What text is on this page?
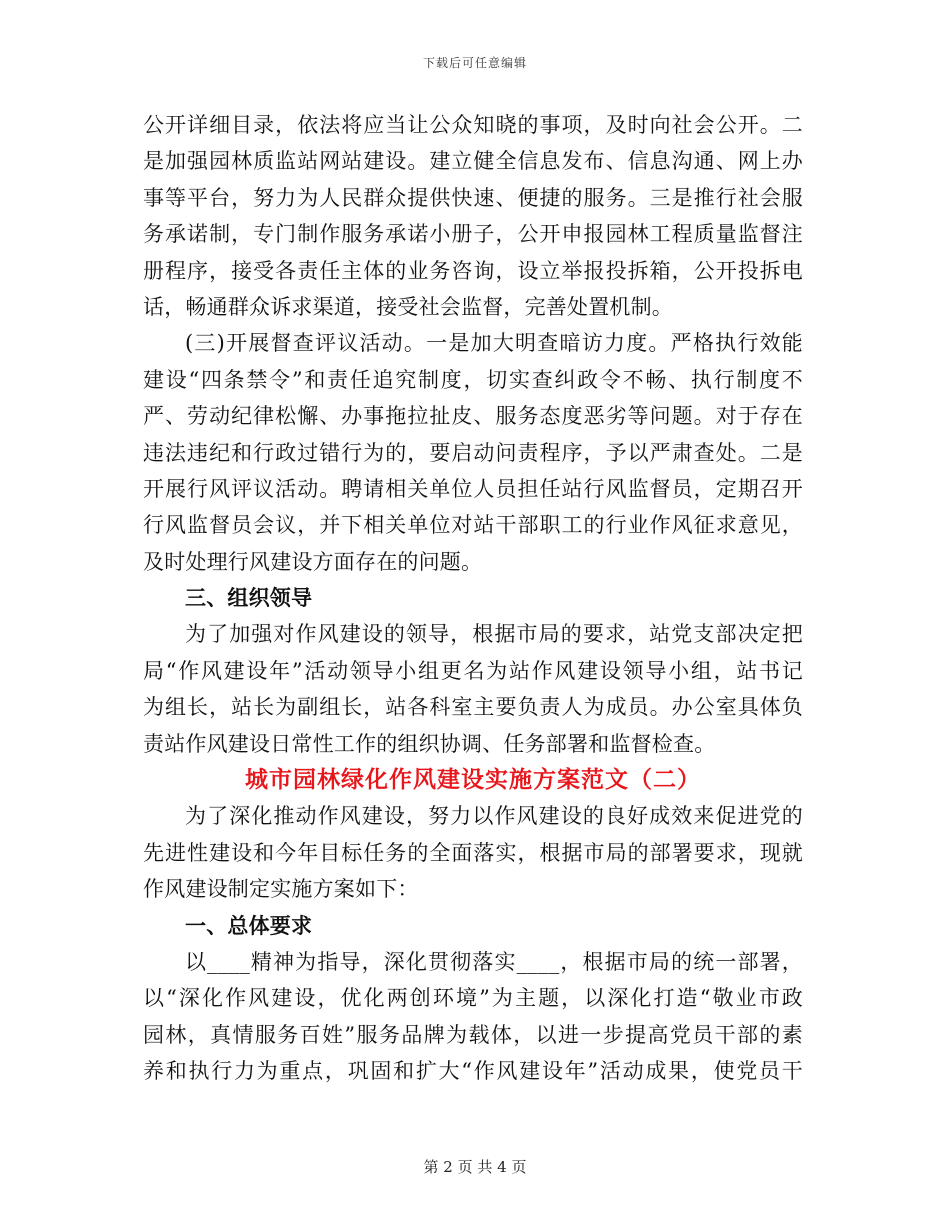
下载后可任意编辑
公开详细目录，依法将应当让公众知晓的事项，及时向社会公开。二
是加强园林质监站网站建设。建立健全信息发布、信息沟通、网上办
事等平台，努力为人民群众提供快速、便捷的服务。三是推行社会服
务承诺制，专门制作服务承诺小册子，公开申报园林工程质量监督注
册程序，接受各责任主体的业务咨询，设立举报投拆箱，公开投拆电
话，畅通群众诉求渠道，接受社会监督，完善处置机制。
(三)开展督查评议活动。一是加大明查暗访力度。严格执行效能
建设“四条禁令”和责任追究制度，切实查纠政令不畅、执行制度不
严、劳动纪律松懈、办事拖拉扯皮、服务态度恶劣等问题。对于存在
违法违纪和行政过错行为的，要启动问责程序，予以严肃查处。二是
开展行风评议活动。聘请相关单位人员担任站行风监督员，定期召开
行风监督员会议，并下相关单位对站干部职工的行业作风征求意见，
及时处理行风建设方面存在的问题。
三、组织领导
为了加强对作风建设的领导，根据市局的要求，站党支部决定把
局“作风建设年”活动领导小组更名为站作风建设领导小组，站书记
为组长，站长为副组长，站各科室主要负责人为成员。办公室具体负
责站作风建设日常性工作的组织协调、任务部署和监督检查。
城市园林绿化作风建设实施方案范文（二）
为了深化推动作风建设，努力以作风建设的良好成效来促进党的
先进性建设和今年目标任务的全面落实，根据市局的部署要求，现就
作风建设制定实施方案如下：
一、总体要求
以____精神为指导，深化贯彻落实____，根据市局的统一部署，
以“深化作风建设，优化两创环境”为主题，以深化打造“敬业市政
园林，真情服务百姓”服务品牌为载体，以进一步提高党员干部的素
养和执行力为重点，巩固和扩大“作风建设年”活动成果，使党员干
第 2 页 共 4 页
